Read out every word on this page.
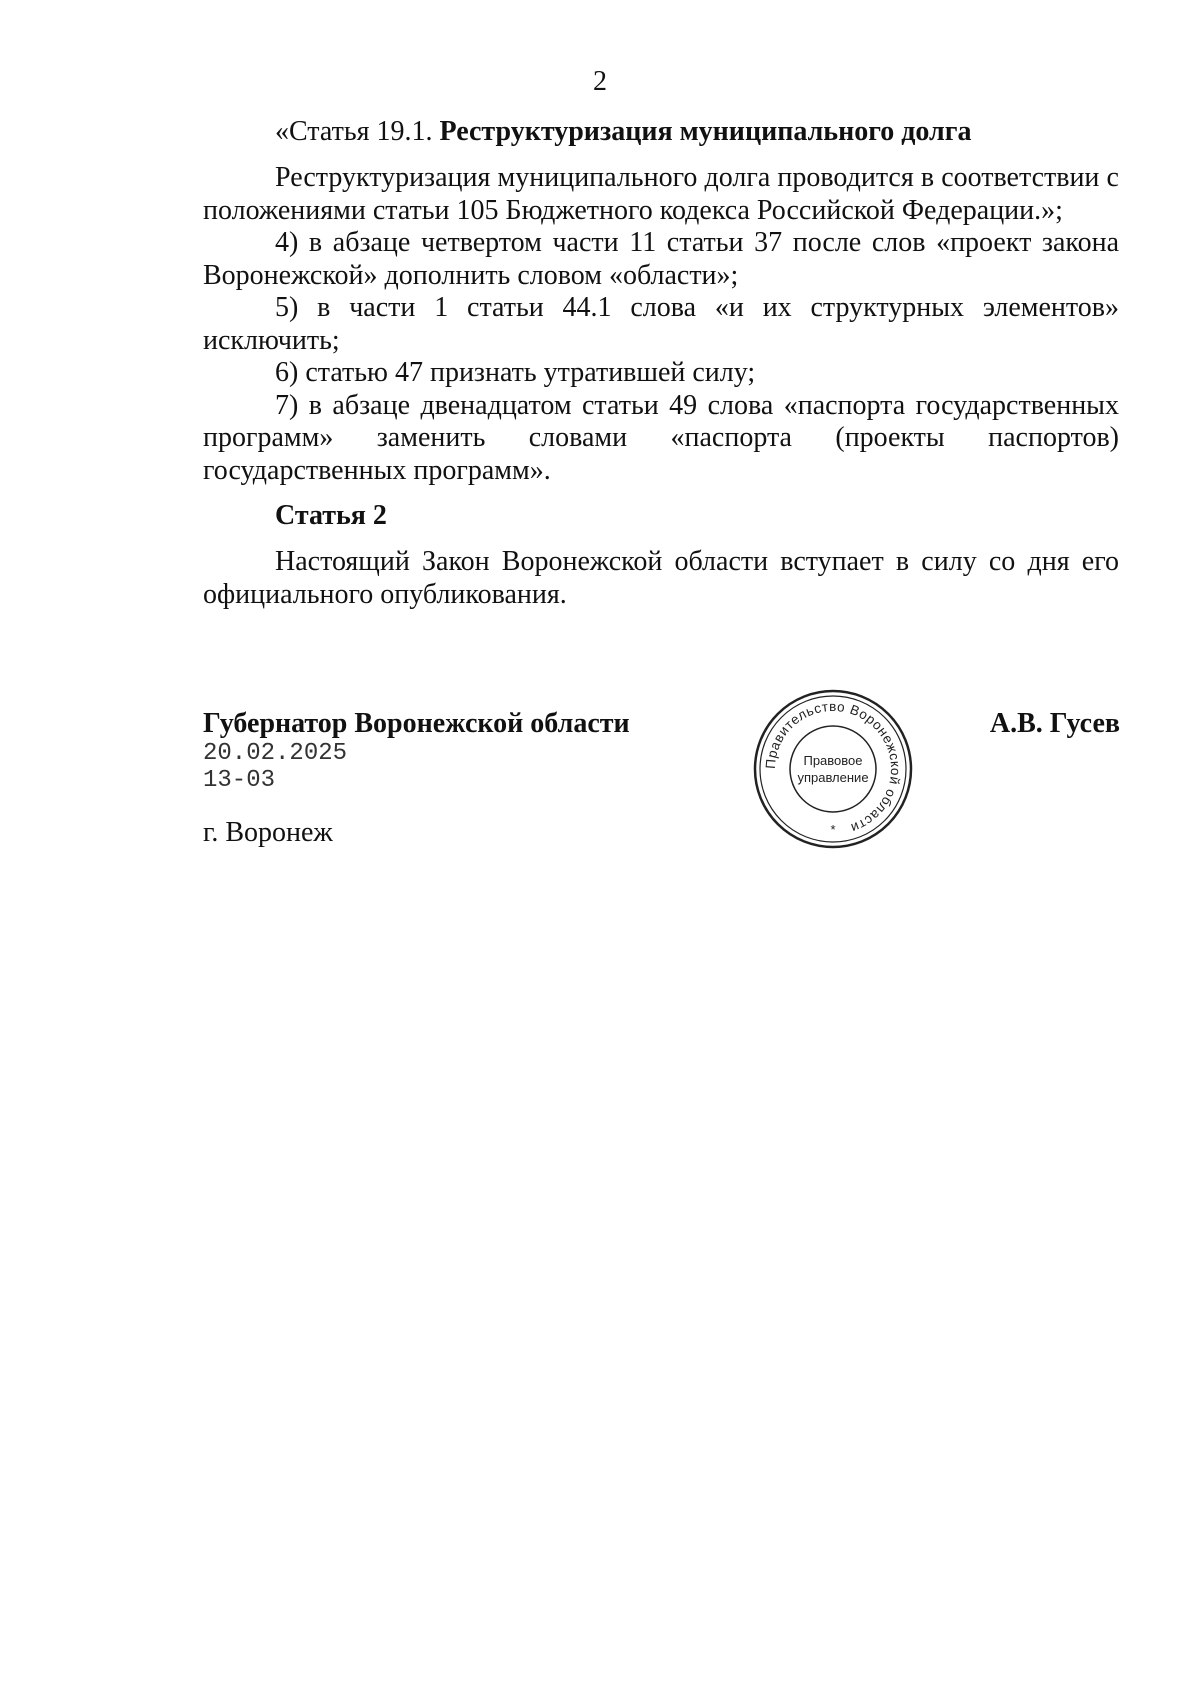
2
«Статья 19.1. Реструктуризация муниципального долга

Реструктуризация муниципального долга проводится в соответствии с положениями статьи 105 Бюджетного кодекса Российской Федерации.»;

4) в абзаце четвертом части 11 статьи 37 после слов «проект закона Воронежской» дополнить словом «области»;

5) в части 1 статьи 44.1 слова «и их структурных элементов» исключить;

6) статью 47 признать утратившей силу;

7) в абзаце двенадцатом статьи 49 слова «паспорта государственных программ» заменить словами «паспорта (проекты паспортов) государственных программ».

Статья 2

Настоящий Закон Воронежской области вступает в силу со дня его официального опубликования.

Губернатор Воронежской области
20.02.2025
13-03
А.В. Гусев
г. Воронеж
Правительство Воронежской области
Правовое
управление
*
